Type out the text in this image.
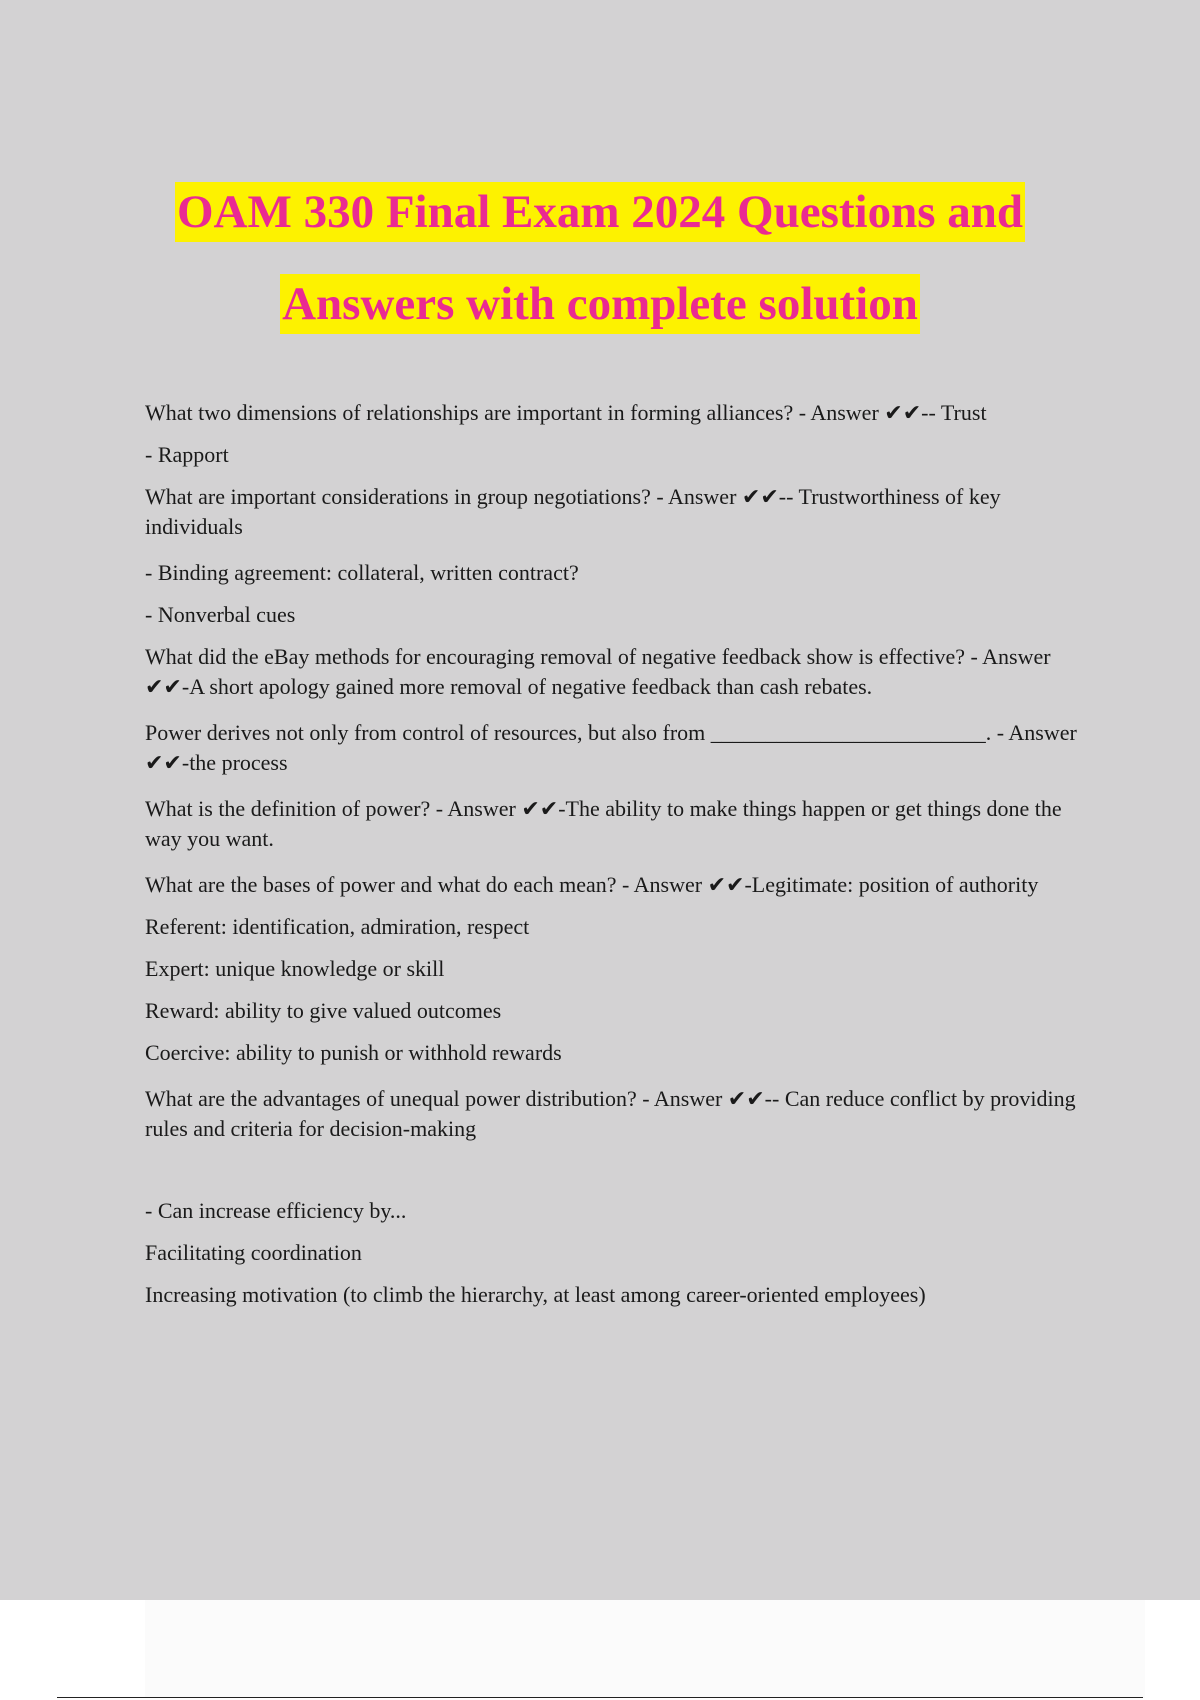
OAM 330 Final Exam 2024 Questions and
Answers with complete solution

What two dimensions of relationships are important in forming alliances? - Answer ✔✔-- Trust

- Rapport

What are important considerations in group negotiations? - Answer ✔✔-- Trustworthiness of key individuals

- Binding agreement: collateral, written contract?

- Nonverbal cues

What did the eBay methods for encouraging removal of negative feedback show is effective? - Answer ✔✔-A short apology gained more removal of negative feedback than cash rebates.

Power derives not only from control of resources, but also from _________________________. - Answer ✔✔-the process

What is the definition of power? - Answer ✔✔-The ability to make things happen or get things done the way you want.

What are the bases of power and what do each mean? - Answer ✔✔-Legitimate: position of authority

Referent: identification, admiration, respect

Expert: unique knowledge or skill

Reward: ability to give valued outcomes

Coercive: ability to punish or withhold rewards

What are the advantages of unequal power distribution? - Answer ✔✔-- Can reduce conflict by providing rules and criteria for decision-making

- Can increase efficiency by...

Facilitating coordination

Increasing motivation (to climb the hierarchy, at least among career-oriented employees)
